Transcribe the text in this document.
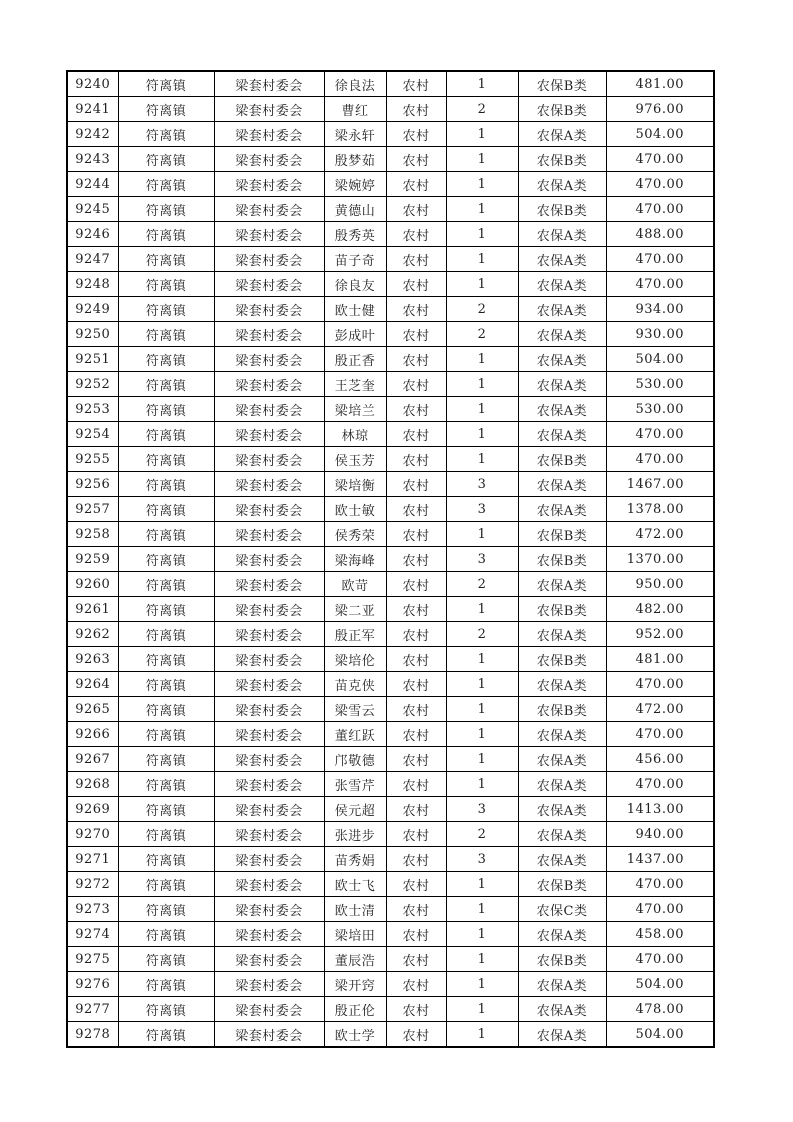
9240	符离镇	梁套村委会	徐良法	农村	1	农保B类	481.00
9241	符离镇	梁套村委会	曹红	农村	2	农保B类	976.00
9242	符离镇	梁套村委会	梁永轩	农村	1	农保A类	504.00
9243	符离镇	梁套村委会	殷梦茹	农村	1	农保B类	470.00
9244	符离镇	梁套村委会	梁婉婷	农村	1	农保A类	470.00
9245	符离镇	梁套村委会	黄德山	农村	1	农保B类	470.00
9246	符离镇	梁套村委会	殷秀英	农村	1	农保A类	488.00
9247	符离镇	梁套村委会	苗子奇	农村	1	农保A类	470.00
9248	符离镇	梁套村委会	徐良友	农村	1	农保A类	470.00
9249	符离镇	梁套村委会	欧士健	农村	2	农保A类	934.00
9250	符离镇	梁套村委会	彭成叶	农村	2	农保A类	930.00
9251	符离镇	梁套村委会	殷正香	农村	1	农保A类	504.00
9252	符离镇	梁套村委会	王芝奎	农村	1	农保A类	530.00
9253	符离镇	梁套村委会	梁培兰	农村	1	农保A类	530.00
9254	符离镇	梁套村委会	林琼	农村	1	农保A类	470.00
9255	符离镇	梁套村委会	侯玉芳	农村	1	农保B类	470.00
9256	符离镇	梁套村委会	梁培衡	农村	3	农保A类	1467.00
9257	符离镇	梁套村委会	欧士敏	农村	3	农保A类	1378.00
9258	符离镇	梁套村委会	侯秀荣	农村	1	农保B类	472.00
9259	符离镇	梁套村委会	梁海峰	农村	3	农保B类	1370.00
9260	符离镇	梁套村委会	欧苛	农村	2	农保A类	950.00
9261	符离镇	梁套村委会	梁二亚	农村	1	农保B类	482.00
9262	符离镇	梁套村委会	殷正军	农村	2	农保A类	952.00
9263	符离镇	梁套村委会	梁培伦	农村	1	农保B类	481.00
9264	符离镇	梁套村委会	苗克侠	农村	1	农保A类	470.00
9265	符离镇	梁套村委会	梁雪云	农村	1	农保B类	472.00
9266	符离镇	梁套村委会	董红跃	农村	1	农保A类	470.00
9267	符离镇	梁套村委会	邝敬德	农村	1	农保A类	456.00
9268	符离镇	梁套村委会	张雪芹	农村	1	农保A类	470.00
9269	符离镇	梁套村委会	侯元超	农村	3	农保A类	1413.00
9270	符离镇	梁套村委会	张进步	农村	2	农保A类	940.00
9271	符离镇	梁套村委会	苗秀娟	农村	3	农保A类	1437.00
9272	符离镇	梁套村委会	欧士飞	农村	1	农保B类	470.00
9273	符离镇	梁套村委会	欧士清	农村	1	农保C类	470.00
9274	符离镇	梁套村委会	梁培田	农村	1	农保A类	458.00
9275	符离镇	梁套村委会	董辰浩	农村	1	农保B类	470.00
9276	符离镇	梁套村委会	梁开窍	农村	1	农保A类	504.00
9277	符离镇	梁套村委会	殷正伦	农村	1	农保A类	478.00
9278	符离镇	梁套村委会	欧士学	农村	1	农保A类	504.00
